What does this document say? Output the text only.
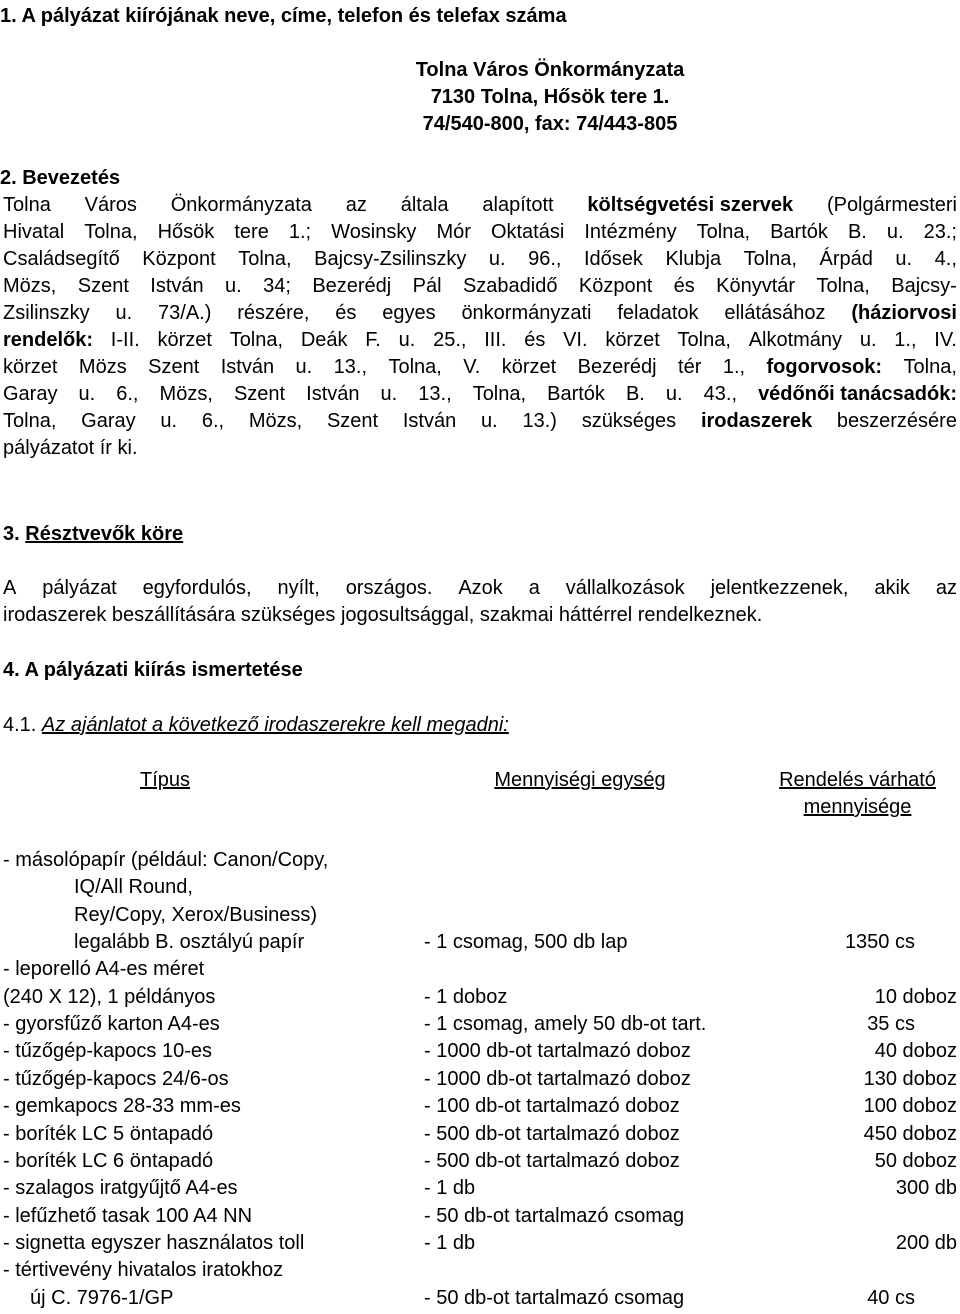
1. A pályázat kiírójának neve, címe, telefon és telefax száma
Tolna Város Önkormányzata
7130 Tolna, Hősök tere 1.
74/540-800, fax: 74/443-805
2. Bevezetés
Tolna Város Önkormányzata az általa alapított költségvetési szervek (Polgármesteri
Hivatal Tolna, Hősök tere 1.; Wosinsky Mór Oktatási Intézmény Tolna, Bartók B. u. 23.;
Családsegítő Központ Tolna, Bajcsy-Zsilinszky u. 96., Idősek Klubja Tolna, Árpád u. 4.,
Mözs, Szent István u. 34; Bezerédj Pál Szabadidő Központ és Könyvtár Tolna, Bajcsy-
Zsilinszky u. 73/A.) részére, és egyes önkormányzati feladatok ellátásához (háziorvosi
rendelők: I-II. körzet Tolna, Deák F. u. 25., III. és VI. körzet Tolna, Alkotmány u. 1., IV.
körzet Mözs Szent István u. 13., Tolna, V. körzet Bezerédj tér 1., fogorvosok: Tolna,
Garay u. 6., Mözs, Szent István u. 13., Tolna, Bartók B. u. 43., védőnői tanácsadók:
Tolna, Garay u. 6., Mözs, Szent István u. 13.) szükséges irodaszerek beszerzésére
pályázatot ír ki.
3. Résztvevők köre
A pályázat egyfordulós, nyílt, országos. Azok a vállalkozások jelentkezzenek, akik az
irodaszerek beszállítására szükséges jogosultsággal, szakmai háttérrel rendelkeznek.
4. A pályázati kiírás ismertetése
4.1. Az ajánlatot a következő irodaszerekre kell megadni:
Típus	Mennyiségi egység	Rendelés várható
mennyisége
- másolópapír (például: Canon/Copy,
IQ/All Round,
Rey/Copy, Xerox/Business)
legalább B. osztályú papír	- 1 csomag, 500 db lap	1350 cs
- leporelló A4-es méret
(240 X 12), 1 példányos	- 1 doboz	10 doboz
- gyorsfűző karton A4-es	- 1 csomag, amely 50 db-ot tart.	35 cs
- tűzőgép-kapocs 10-es	- 1000 db-ot tartalmazó doboz	40 doboz
- tűzőgép-kapocs 24/6-os	- 1000 db-ot tartalmazó doboz	130 doboz
- gemkapocs 28-33 mm-es	- 100 db-ot tartalmazó doboz	100 doboz
- boríték LC 5 öntapadó	- 500 db-ot tartalmazó doboz	450 doboz
- boríték LC 6 öntapadó	- 500 db-ot tartalmazó doboz	50 doboz
- szalagos iratgyűjtő A4-es	- 1 db	300 db
- lefűzhető tasak 100 A4 NN	- 50 db-ot tartalmazó csomag
- signetta egyszer használatos toll	- 1 db	200 db
- tértivevény hivatalos iratokhoz
új C. 7976-1/GP	- 50 db-ot tartalmazó csomag	40 cs
